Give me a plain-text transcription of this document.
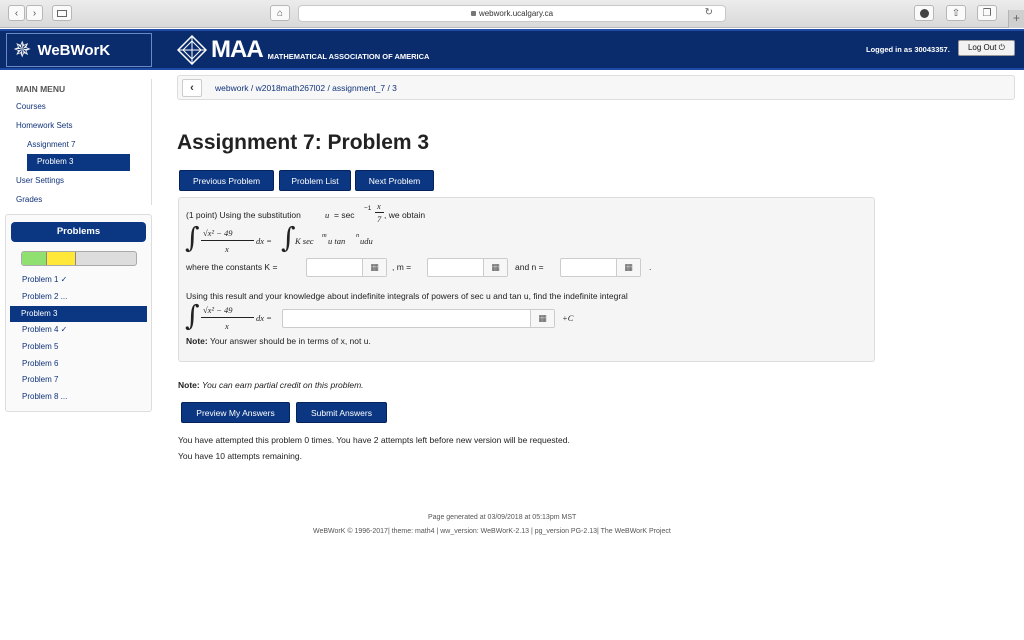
‹ ›	⌂	webwork.ucalgary.ca	↻	⇧ ❐	+
✵ WeBWorK	MAA MATHEMATICAL ASSOCIATION OF AMERICA
Logged in as 30043357.	Log Out ⏻
MAIN MENU
Courses
Homework Sets
Assignment 7
User Settings
Grades
Problem 3
Problems
Problem 1 ✓
Problem 2 ...
Problem 4 ✓
Problem 5
Problem 6
Problem 7
Problem 8 ...
Problem 3
‹	webwork / w2018math267l02 / assignment_7 / 3
Assignment 7: Problem 3
Previous Problem	Problem List	Next Problem
(1 point) Using the substitution	u = sec
−1 x
7 , we obtain
∫ √x² − 49
x
dx = ∫ K sec
m
u tan
n
udu
where the constants K =	▦	, m =	▦	and n =	▦	.
Using this result and your knowledge about indefinite integrals of powers of sec u and tan u, find the indefinite integral
∫ √x² − 49
x
dx =	▦	+C
Note: Your answer should be in terms of x, not u.
Note: You can earn partial credit on this problem.
Preview My Answers	Submit Answers
You have attempted this problem 0 times. You have 2 attempts left before new version will be requested.
You have 10 attempts remaining.
Page generated at 03/09/2018 at 05:13pm MST
WeBWorK © 1996-2017| theme: math4 | ww_version: WeBWorK-2.13 | pg_version PG-2.13| The WeBWorK Project
